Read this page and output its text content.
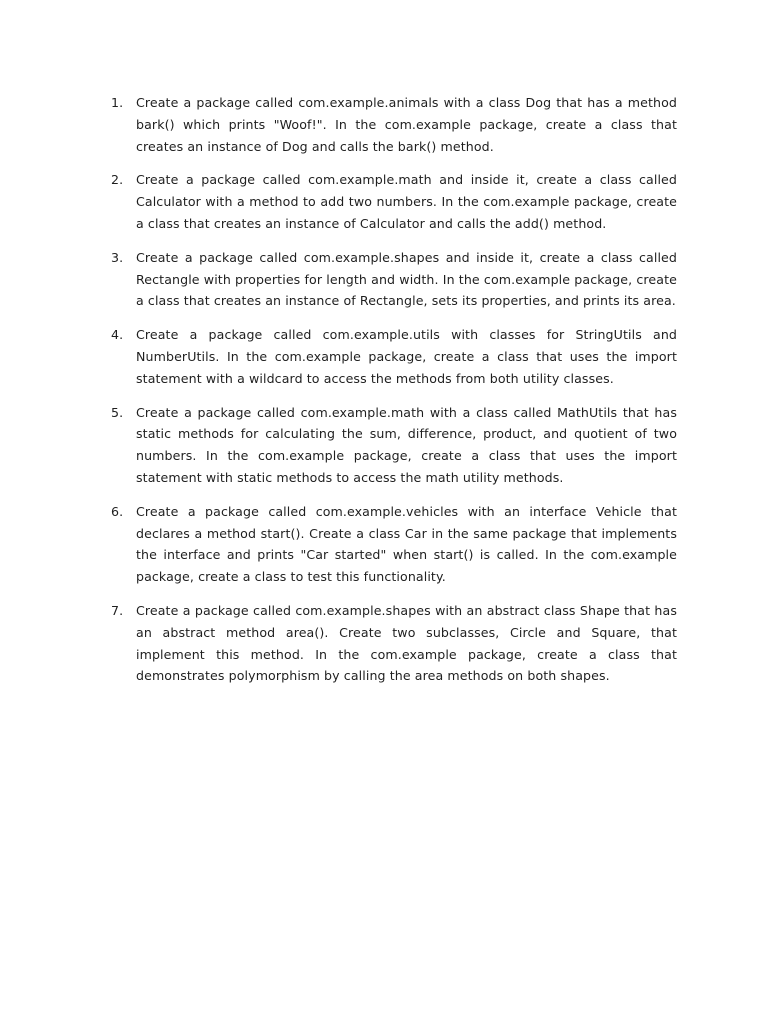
1. Create a package called com.example.animals with a class Dog that has a method bark() which prints "Woof!". In the com.example package, create a class that creates an instance of Dog and calls the bark() method.
2. Create a package called com.example.math and inside it, create a class called Calculator with a method to add two numbers. In the com.example package, create a class that creates an instance of Calculator and calls the add() method.
3. Create a package called com.example.shapes and inside it, create a class called Rectangle with properties for length and width. In the com.example package, create a class that creates an instance of Rectangle, sets its properties, and prints its area.
4. Create a package called com.example.utils with classes for StringUtils and NumberUtils. In the com.example package, create a class that uses the import statement with a wildcard to access the methods from both utility classes.
5. Create a package called com.example.math with a class called MathUtils that has static methods for calculating the sum, difference, product, and quotient of two numbers. In the com.example package, create a class that uses the import statement with static methods to access the math utility methods.
6. Create a package called com.example.vehicles with an interface Vehicle that declares a method start(). Create a class Car in the same package that implements the interface and prints "Car started" when start() is called. In the com.example package, create a class to test this functionality.
7. Create a package called com.example.shapes with an abstract class Shape that has an abstract method area(). Create two subclasses, Circle and Square, that implement this method. In the com.example package, create a class that demonstrates polymorphism by calling the area methods on both shapes.
